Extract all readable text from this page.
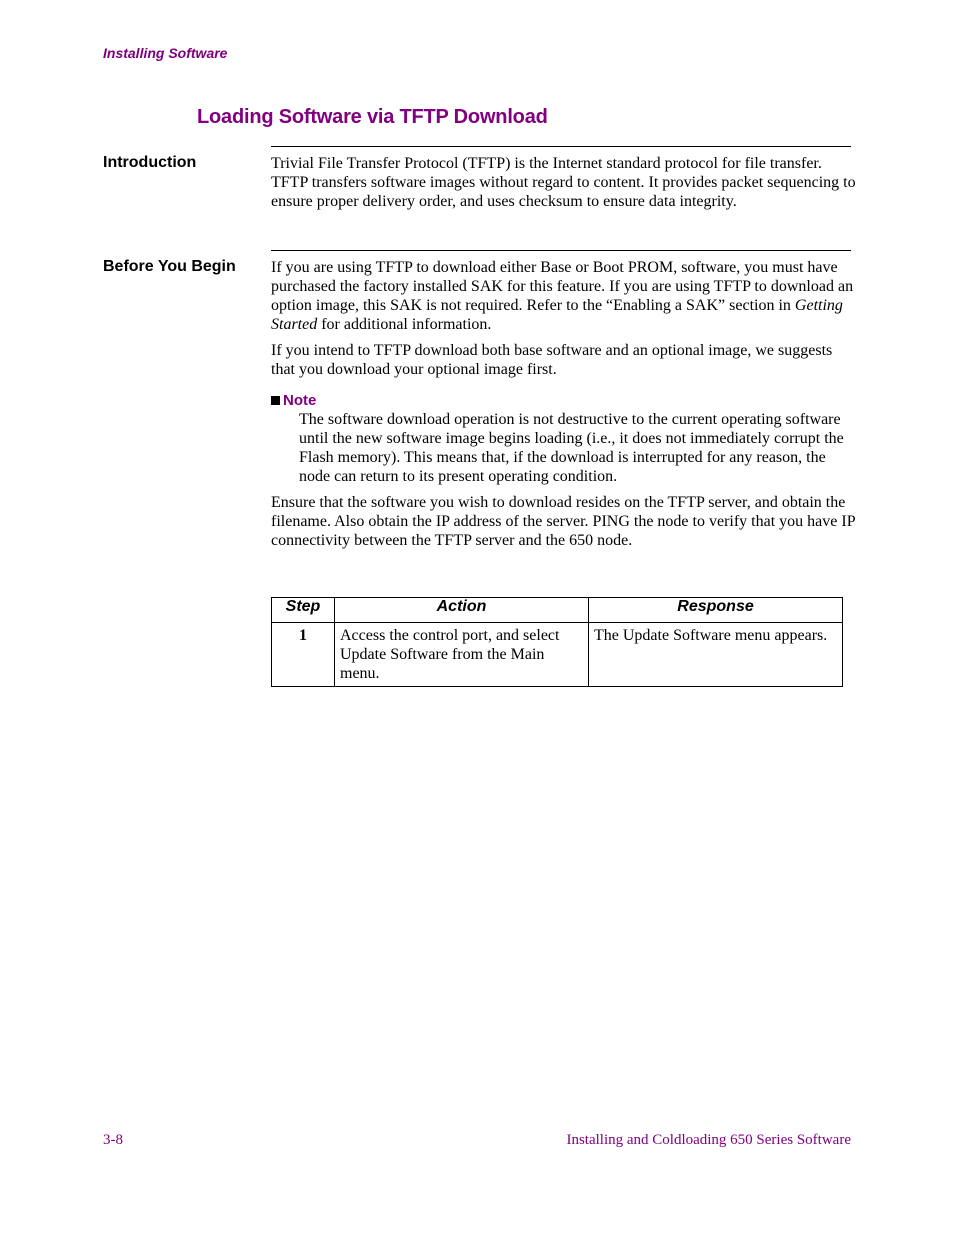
Installing Software
Loading Software via TFTP Download
Introduction	Trivial File Transfer Protocol (TFTP) is the Internet standard protocol for file transfer. TFTP transfers software images without regard to content. It provides packet sequencing to ensure proper delivery order, and uses checksum to ensure data integrity.

Before You Begin If you are using TFTP to download either Base or Boot PROM, software, you must have purchased the factory installed SAK for this feature. If you are using TFTP to download an option image, this SAK is not required. Refer to the “Enabling a SAK” section in Getting Started for additional information.

If you intend to TFTP download both base software and an optional image, we suggests that you download your optional image first.

Note

The software download operation is not destructive to the current operating software until the new software image begins loading (i.e., it does not immediately corrupt the Flash memory). This means that, if the download is interrupted for any reason, the node can return to its present operating condition.

Ensure that the software you wish to download resides on the TFTP server, and obtain the filename. Also obtain the IP address of the server. PING the node to verify that you have IP connectivity between the TFTP server and the 650 node.

Step	Action	Response
1	Access the control port, and select Update Software from the Main menu.	The Update Software menu appears.
3-8	Installing and Coldloading 650 Series Software
